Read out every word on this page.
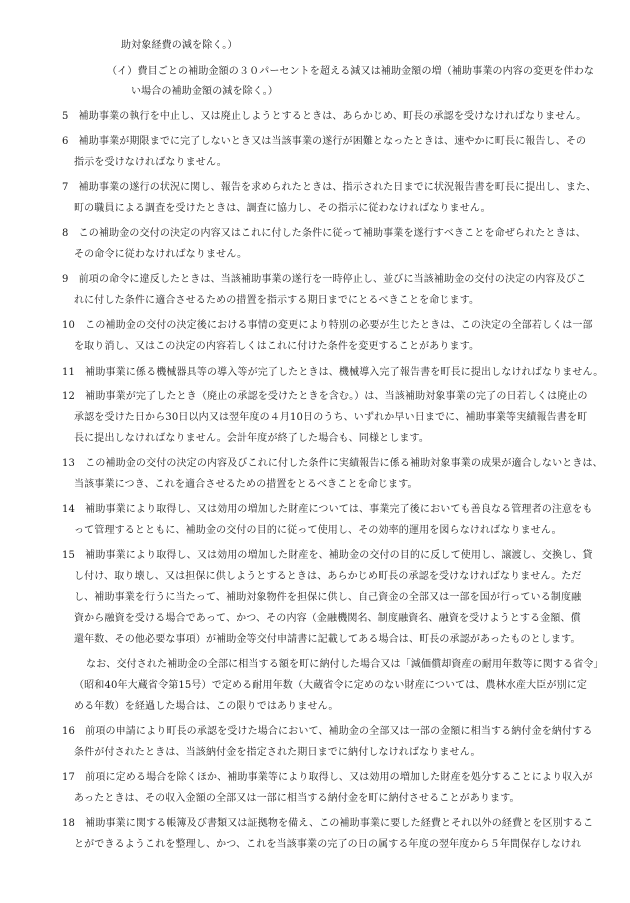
助対象経費の減を除く。）
（イ）費目ごとの補助金額の３０パーセントを超える減又は補助金額の増（補助事業の内容の変更を伴わな
い場合の補助金額の減を除く。）
5　補助事業の執行を中止し、又は廃止しようとするときは、あらかじめ、町長の承認を受けなければなりません。
6　補助事業が期限までに完了しないとき又は当該事業の遂行が困難となったときは、速やかに町長に報告し、その
指示を受けなければなりません。
7　補助事業の遂行の状況に関し、報告を求められたときは、指示された日までに状況報告書を町長に提出し、また、
町の職員による調査を受けたときは、調査に協力し、その指示に従わなければなりません。
8　この補助金の交付の決定の内容又はこれに付した条件に従って補助事業を遂行すべきことを命ぜられたときは、
その命令に従わなければなりません。
9　前項の命令に違反したときは、当該補助事業の遂行を一時停止し、並びに当該補助金の交付の決定の内容及びこ
れに付した条件に適合させるための措置を指示する期日までにとるべきことを命じます。
10　この補助金の交付の決定後における事情の変更により特別の必要が生じたときは、この決定の全部若しくは一部
を取り消し、又はこの決定の内容若しくはこれに付けた条件を変更することがあります。
11　補助事業に係る機械器具等の導入等が完了したときは、機械導入完了報告書を町長に提出しなければなりません。
12　補助事業が完了したとき（廃止の承認を受けたときを含む。）は、当該補助対象事業の完了の日若しくは廃止の
承認を受けた日から30日以内又は翌年度の４月10日のうち、いずれか早い日までに、補助事業等実績報告書を町
長に提出しなければなりません。会計年度が終了した場合も、同様とします。
13　この補助金の交付の決定の内容及びこれに付した条件に実績報告に係る補助対象事業の成果が適合しないときは、
当該事業につき、これを適合させるための措置をとるべきことを命じます。
14　補助事業により取得し、又は効用の増加した財産については、事業完了後においても善良なる管理者の注意をも
って管理するとともに、補助金の交付の目的に従って使用し、その効率的運用を図らなければなりません。
15　補助事業により取得し、又は効用の増加した財産を、補助金の交付の目的に反して使用し、譲渡し、交換し、貸
し付け、取り壊し、又は担保に供しようとするときは、あらかじめ町長の承認を受けなければなりません。ただ
し、補助事業を行うに当たって、補助対象物件を担保に供し、自己資金の全部又は一部を国が行っている制度融
資から融資を受ける場合であって、かつ、その内容（金融機関名、制度融資名、融資を受けようとする金額、償
還年数、その他必要な事項）が補助金等交付申請書に記載してある場合は、町長の承認があったものとします。
なお、交付された補助金の全部に相当する額を町に納付した場合又は「減価償却資産の耐用年数等に関する省令」
（昭和40年大蔵省令第15号）で定める耐用年数（大蔵省令に定めのない財産については、農林水産大臣が別に定
める年数）を経過した場合は、この限りではありません。
16　前項の申請により町長の承認を受けた場合において、補助金の全部又は一部の金額に相当する納付金を納付する
条件が付されたときは、当該納付金を指定された期日までに納付しなければなりません。
17　前項に定める場合を除くほか、補助事業等により取得し、又は効用の増加した財産を処分することにより収入が
あったときは、その収入金額の全部又は一部に相当する納付金を町に納付させることがあります。
18　補助事業に関する帳簿及び書類又は証拠物を備え、この補助事業に要した経費とそれ以外の経費とを区別するこ
とができるようこれを整理し、かつ、これを当該事業の完了の日の属する年度の翌年度から５年間保存しなけれ
